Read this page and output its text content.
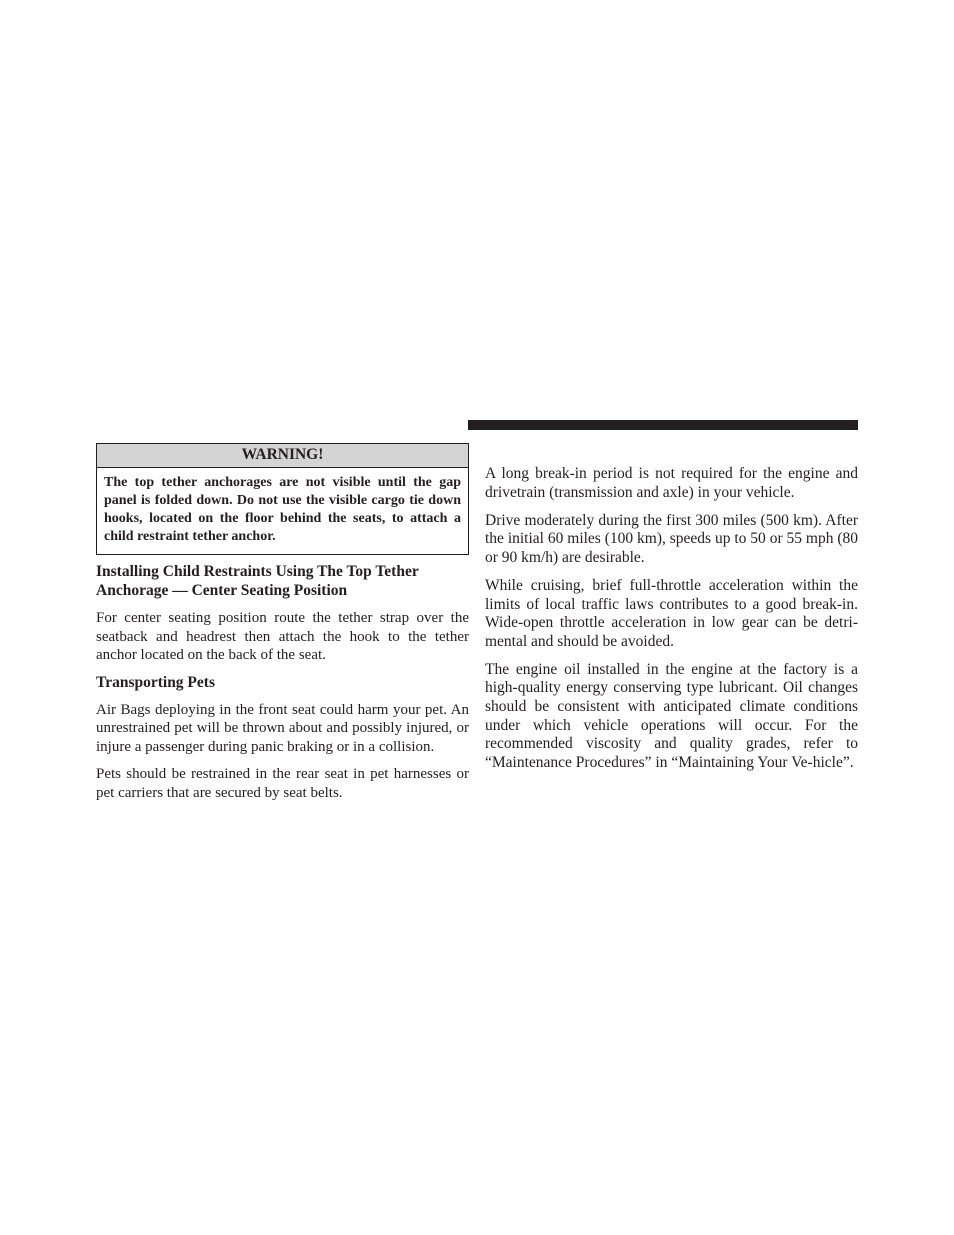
WARNING!
The top tether anchorages are not visible until the gap panel is folded down. Do not use the visible cargo tie down hooks, located on the floor behind the seats, to attach a child restraint tether anchor.
Installing Child Restraints Using The Top Tether Anchorage — Center Seating Position

For center seating position route the tether strap over the seatback and headrest then attach the hook to the tether anchor located on the back of the seat.

Transporting Pets

Air Bags deploying in the front seat could harm your pet. An unrestrained pet will be thrown about and possibly injured, or injure a passenger during panic braking or in a collision.

Pets should be restrained in the rear seat in pet harnesses or pet carriers that are secured by seat belts.

A long break-in period is not required for the engine and drivetrain (transmission and axle) in your vehicle.

Drive moderately during the first 300 miles (500 km). After the initial 60 miles (100 km), speeds up to 50 or 55 mph (80 or 90 km/h) are desirable.

While cruising, brief full-throttle acceleration within the limits of local traffic laws contributes to a good break-in. Wide-open throttle acceleration in low gear can be detri-mental and should be avoided.

The engine oil installed in the engine at the factory is a high-quality energy conserving type lubricant. Oil changes should be consistent with anticipated climate conditions under which vehicle operations will occur. For the recommended viscosity and quality grades, refer to “Maintenance Procedures” in “Maintaining Your Ve-hicle”.
